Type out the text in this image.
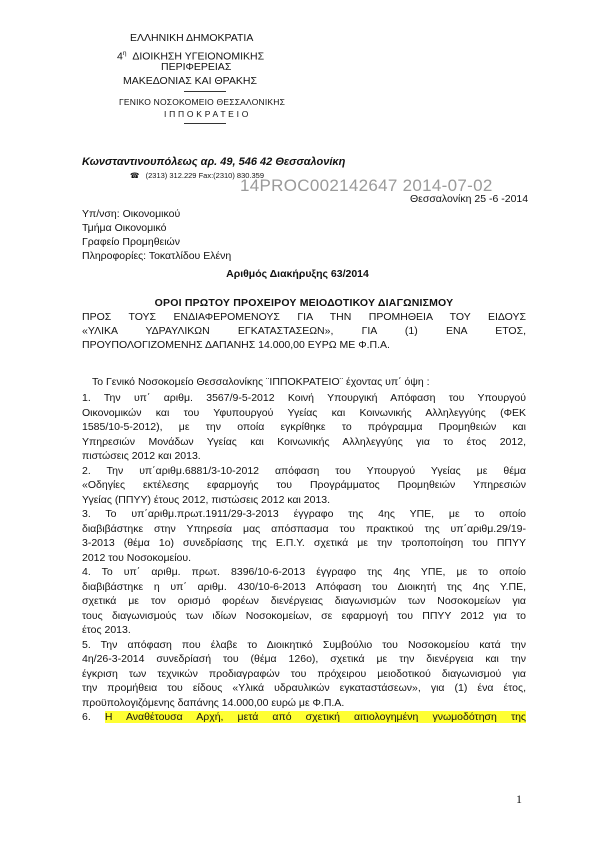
ΕΛΛΗΝΙΚΗ ΔΗΜΟΚΡΑΤΙΑ
$4^\eta$ ΔΙΟΙΚΗΣΗ ΥΓΕΙΟΝΟΜΙΚΗΣ
ΠΕΡΙΦΕΡΕΙΑΣ
ΜΑΚΕΔΟΝΙΑΣ ΚΑΙ ΘΡΑΚΗΣ
ΓΕΝΙΚΟ ΝΟΣΟΚΟΜΕΙΟ ΘΕΣΣΑΛΟΝΙΚΗΣ
Ι Π Π Ο Κ Ρ Α Τ Ε Ι Ο
Κωνσταντινουπόλεως αρ. 49, 546 42 Θεσσαλονίκη
☎ (2313) 312.229 Fax:(2310) 830.359
14PROC002142647 2014-07-02
Θεσσαλονίκη 25 -6 -2014
Υπ/νση: Οικονομικού
Τμήμα Οικονομικό
Γραφείο Προμηθειών
Πληροφορίες: Τοκατλίδου Ελένη
Αριθμός Διακήρυξης 63/2014
ΟΡΟΙ ΠΡΩΤΟΥ ΠΡΟΧΕΙΡΟΥ ΜΕΙΟΔΟΤΙΚΟΥ ΔΙΑΓΩΝΙΣΜΟΥ
ΠΡΟΣ ΤΟΥΣ ΕΝΔΙΑΦΕΡΟΜΕΝΟΥΣ ΓΙΑ ΤΗΝ ΠΡΟΜΗΘΕΙΑ ΤΟΥ ΕΙΔΟΥΣ
«ΥΛΙΚΑ ΥΔΡΑΥΛΙΚΩΝ ΕΓΚΑΤΑΣΤΑΣΕΩΝ», ΓΙΑ (1) ΕΝΑ ΕΤΟΣ,
ΠΡΟΥΠΟΛΟΓΙΖΟΜΕΝΗΣ ΔΑΠΑΝΗΣ 14.000,00 ΕΥΡΩ ΜΕ Φ.Π.Α.
Το Γενικό Νοσοκομείο Θεσσαλονίκης ¨ΙΠΠΟΚΡΑΤΕΙΟ¨ έχοντας υπ΄ όψη :
1. Την υπ΄ αριθμ. 3567/9-5-2012 Κοινή Υπουργική Απόφαση του Υπουργού
Οικονομικών και του Υφυπουργού Υγείας και Κοινωνικής Αλληλεγγύης (ΦΕΚ
1585/10-5-2012), με την οποία εγκρίθηκε το πρόγραμμα Προμηθειών και
Υπηρεσιών Μονάδων Υγείας και Κοινωνικής Αλληλεγγύης για το έτος 2012,
πιστώσεις 2012 και 2013.
2. Την υπ΄αριθμ.6881/3-10-2012 απόφαση του Υπουργού Υγείας με θέμα
«Οδηγίες εκτέλεσης εφαρμογής του Προγράμματος Προμηθειών Υπηρεσιών
Υγείας (ΠΠΥΥ) έτους 2012, πιστώσεις 2012 και 2013.
3. Το υπ΄αριθμ.πρωτ.1911/29-3-2013 έγγραφο της 4ης ΥΠΕ, με το οποίο
διαβιβάστηκε στην Υπηρεσία μας απόσπασμα του πρακτικού της υπ΄αριθμ.29/19-
3-2013 (θέμα 1ο) συνεδρίασης της Ε.Π.Υ. σχετικά με την τροποποίηση του ΠΠΥΥ
2012 του Νοσοκομείου.
4. Το υπ΄ αριθμ. πρωτ. 8396/10-6-2013 έγγραφο της 4ης ΥΠΕ, με το οποίο
διαβιβάστηκε η υπ΄ αριθμ. 430/10-6-2013 Απόφαση του Διοικητή της 4ης Υ.ΠΕ,
σχετικά με τον ορισμό φορέων διενέργειας διαγωνισμών των Νοσοκομείων για
τους διαγωνισμούς των ιδίων Νοσοκομείων, σε εφαρμογή του ΠΠΥΥ 2012 για το
έτος 2013.
5. Την απόφαση που έλαβε το Διοικητικό Συμβούλιο του Νοσοκομείου κατά την
4η/26-3-2014 συνεδρίασή του (θέμα 126ο), σχετικά με την διενέργεια και την
έγκριση των τεχνικών προδιαγραφών του πρόχειρου μειοδοτικού διαγωνισμού για
την προμήθεια του είδους «Υλικά υδραυλικών εγκαταστάσεων», για (1) ένα έτος,
προϋπολογιζόμενης δαπάνης 14.000,00 ευρώ με Φ.Π.Α.
6. Η Αναθέτουσα Αρχή, μετά από σχετική αιτιολογημένη γνωμοδότηση της
1
